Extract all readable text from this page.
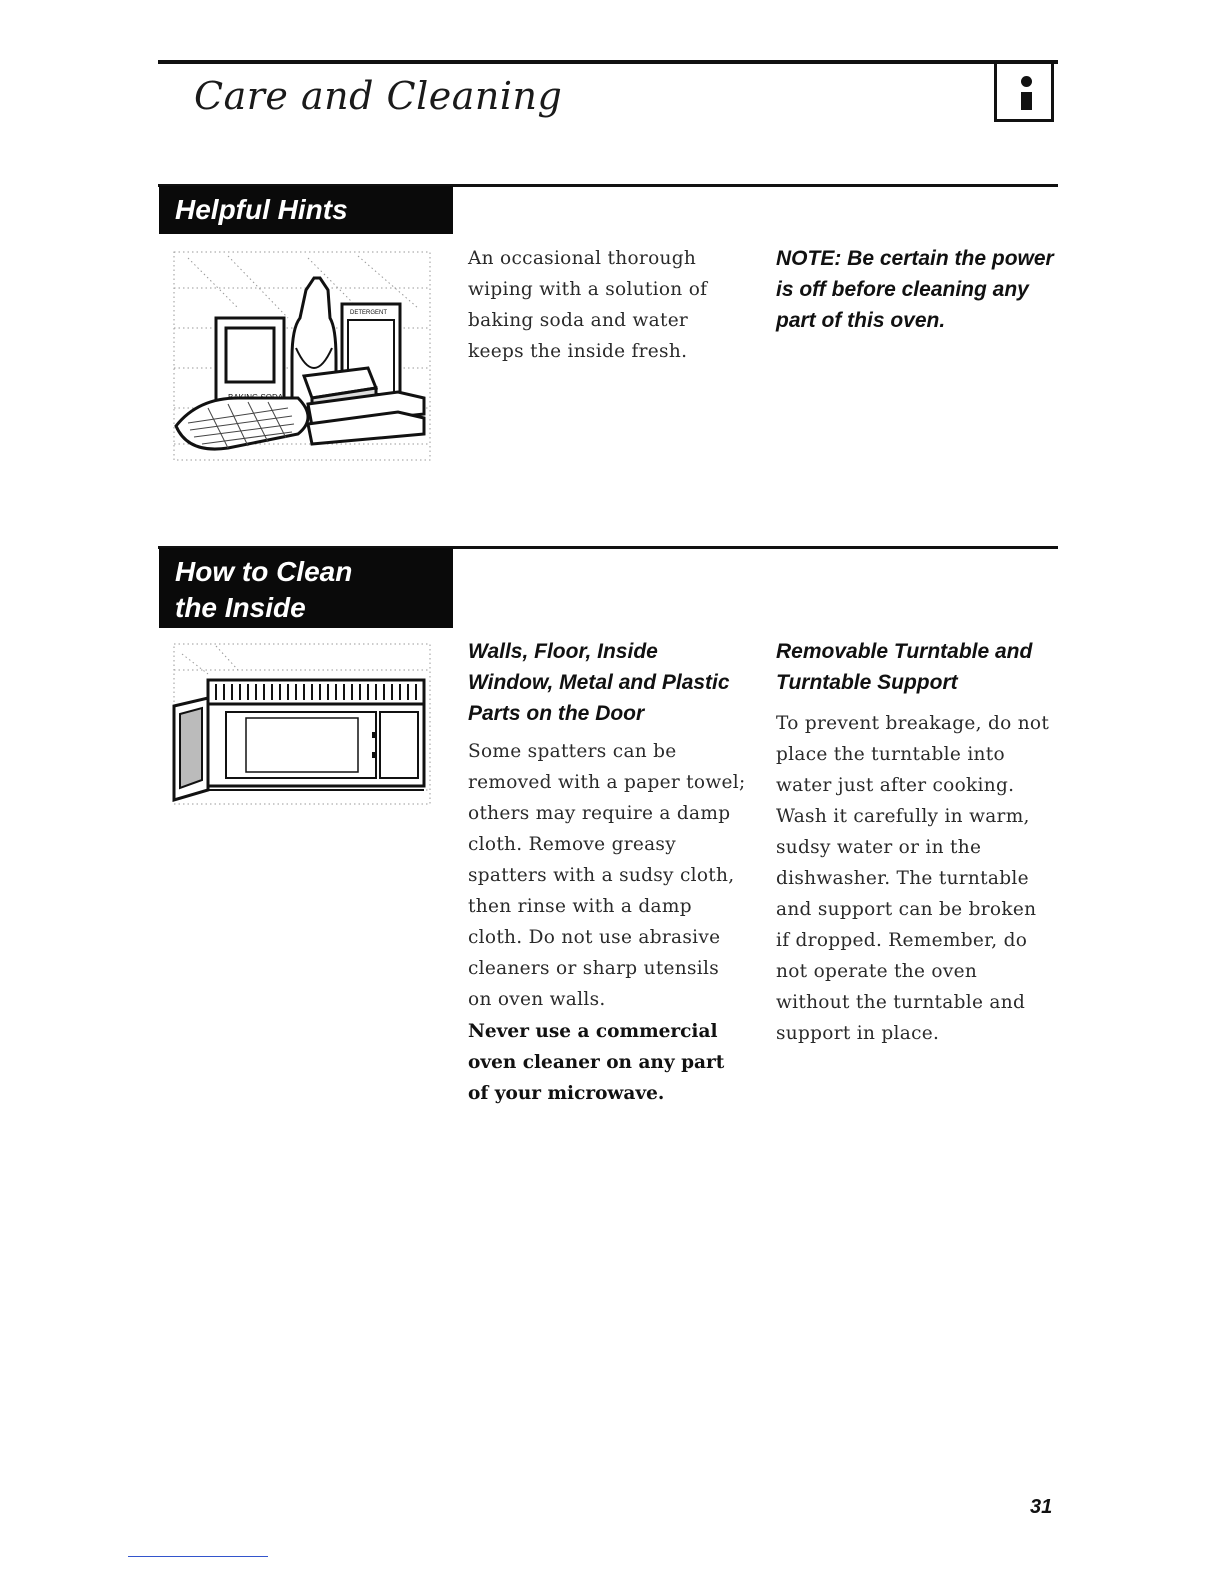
Care and Cleaning
Helpful Hints
DETERGENT
An occasional thorough wiping with a solution of baking soda and water keeps the inside fresh.
NOTE: Be certain the power is off before cleaning any part of this oven.
How to Clean
the Inside
Walls, Floor, Inside Window, Metal and Plastic Parts on the Door
Some spatters can be removed with a paper towel; others may require a damp cloth. Remove greasy spatters with a sudsy cloth, then rinse with a damp cloth. Do not use abrasive cleaners or sharp utensils on oven walls.
Never use a commercial oven cleaner on any part of your microwave.
Removable Turntable and Turntable Support
To prevent breakage, do not place the turntable into water just after cooking. Wash it carefully in warm, sudsy water or in the dishwasher. The turntable and support can be broken if dropped. Remember, do not operate the oven without the turntable and support in place.
31
